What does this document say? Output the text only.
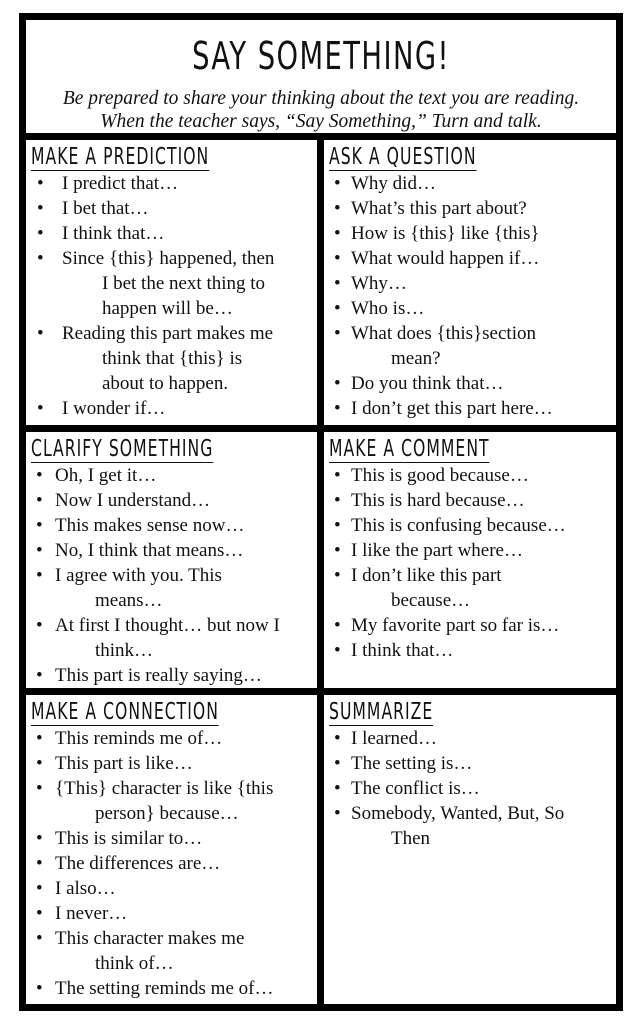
SAY SOMETHING!
Be prepared to share your thinking about the text you are reading.
When the teacher says, “Say Something,” Turn and talk.
MAKE A PREDICTION
• I predict that…
• I bet that…
• I think that…
• Since {this} happened, then
I bet the next thing to
happen will be…
• Reading this part makes me
think that {this} is
about to happen.
• I wonder if…
ASK A QUESTION
• Why did…
• What’s this part about?
• How is {this} like {this}
• What would happen if…
• Why…
• Who is…
• What does {this}section
mean?
• Do you think that…
• I don’t get this part here…
CLARIFY SOMETHING
• Oh, I get it…
• Now I understand…
• This makes sense now…
• No, I think that means…
• I agree with you. This
means…
• At first I thought… but now I
think…
• This part is really saying…
MAKE A COMMENT
• This is good because…
• This is hard because…
• This is confusing because…
• I like the part where…
• I don’t like this part
because…
• My favorite part so far is…
• I think that…
MAKE A CONNECTION
• This reminds me of…
• This part is like…
• {This} character is like {this
person} because…
• This is similar to…
• The differences are…
• I also…
• I never…
• This character makes me
think of…
• The setting reminds me of…
SUMMARIZE
• I learned…
• The setting is…
• The conflict is…
• Somebody, Wanted, But, So
Then
